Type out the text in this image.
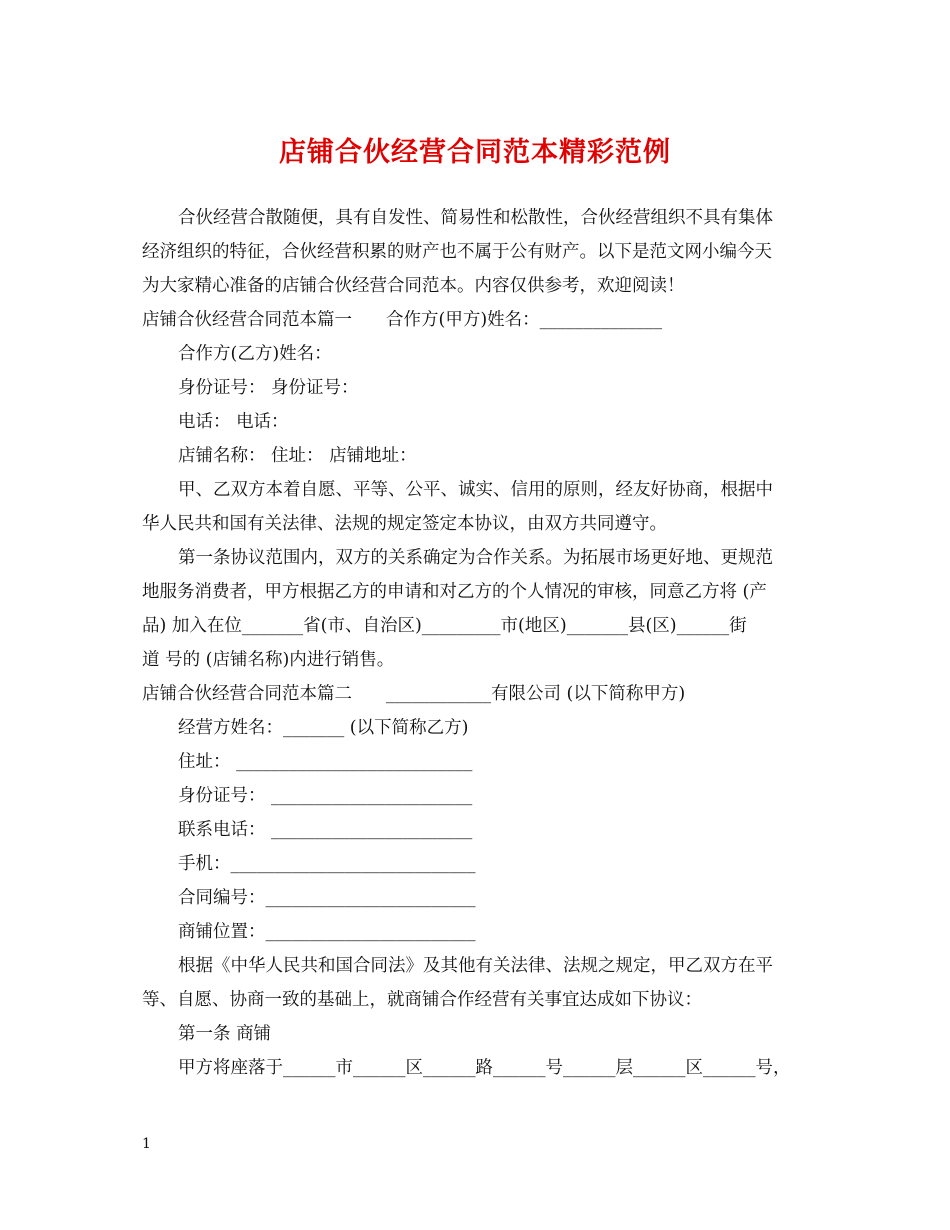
店铺合伙经营合同范本精彩范例
合伙经营合散随便，具有自发性、简易性和松散性，合伙经营组织不具有集体
经济组织的特征，合伙经营积累的财产也不属于公有财产。以下是范文网小编今天
为大家精心准备的店铺合伙经营合同范本。内容仅供参考，欢迎阅读！
店铺合伙经营合同范本篇一 合作方(甲方)姓名：______________
合作方(乙方)姓名：
身份证号： 身份证号：
电话： 电话：
店铺名称： 住址： 店铺地址：
甲、乙双方本着自愿、平等、公平、诚实、信用的原则，经友好协商，根据中
华人民共和国有关法律、法规的规定签定本协议，由双方共同遵守。
第一条协议范围内，双方的关系确定为合作关系。为拓展市场更好地、更规范
地服务消费者，甲方根据乙方的申请和对乙方的个人情况的审核，同意乙方将 (产
品) 加入在位_______省(市、自治区)_________市(地区)_______县(区)______街
道 号的 (店铺名称)内进行销售。
店铺合伙经营合同范本篇二 ____________有限公司 (以下简称甲方)
经营方姓名：_______ (以下简称乙方)
住址： ___________________________
身份证号： _______________________
联系电话： _______________________
手机：____________________________
合同编号：________________________
商铺位置：________________________
根据《中华人民共和国合同法》及其他有关法律、法规之规定，甲乙双方在平
等、自愿、协商一致的基础上，就商铺合作经营有关事宜达成如下协议：
第一条 商铺
甲方将座落于______市______区______路______号______层______区______号，
1
